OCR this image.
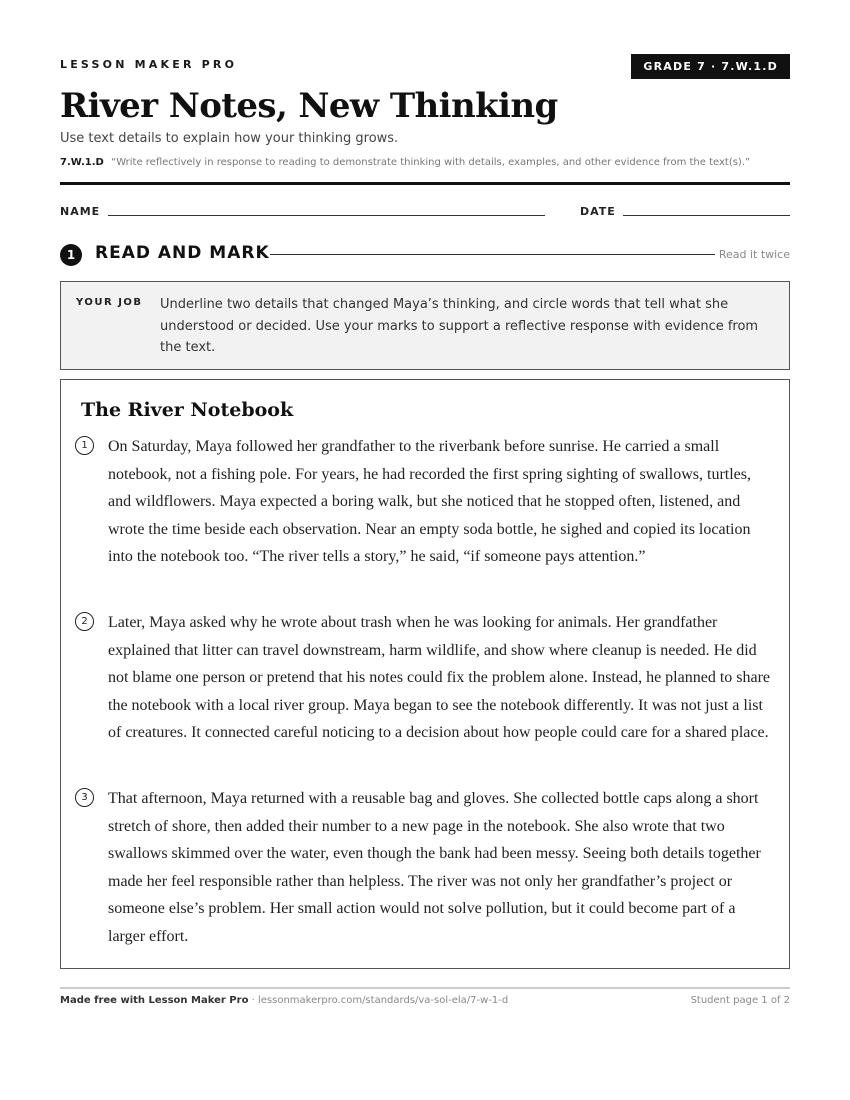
LESSON MAKER PRO	GRADE 7 · 7.W.1.D
River Notes, New Thinking
Use text details to explain how your thinking grows.
7.W.1.D “Write reflectively in response to reading to demonstrate thinking with details, examples, and other evidence from the text(s).”
NAME	DATE
1	READ AND MARK	Read it twice
YOUR JOB Underline two details that changed Maya’s thinking, and circle words that tell what she understood or decided. Use your marks to support a reflective response with evidence from the text.
The River Notebook
1	On Saturday, Maya followed her grandfather to the riverbank before sunrise. He carried a small notebook, not a fishing pole. For years, he had recorded the first spring sighting of swallows, turtles, and wildflowers. Maya expected a boring walk, but she noticed that he stopped often, listened, and wrote the time beside each observation. Near an empty soda bottle, he sighed and copied its location into the notebook too. “The river tells a story,” he said, “if someone pays attention.”

2	Later, Maya asked why he wrote about trash when he was looking for animals. Her grandfather explained that litter can travel downstream, harm wildlife, and show where cleanup is needed. He did not blame one person or pretend that his notes could fix the problem alone. Instead, he planned to share the notebook with a local river group. Maya began to see the notebook differently. It was not just a list of creatures. It connected careful noticing to a decision about how people could care for a shared place.

3	That afternoon, Maya returned with a reusable bag and gloves. She collected bottle caps along a short stretch of shore, then added their number to a new page in the notebook. She also wrote that two swallows skimmed over the water, even though the bank had been messy. Seeing both details together made her feel responsible rather than helpless. The river was not only her grandfather’s project or someone else’s problem. Her small action would not solve pollution, but it could become part of a larger effort.

Made free with Lesson Maker Pro · lessonmakerpro.com/standards/va-sol-ela/7-w-1-d	Student page 1 of 2
